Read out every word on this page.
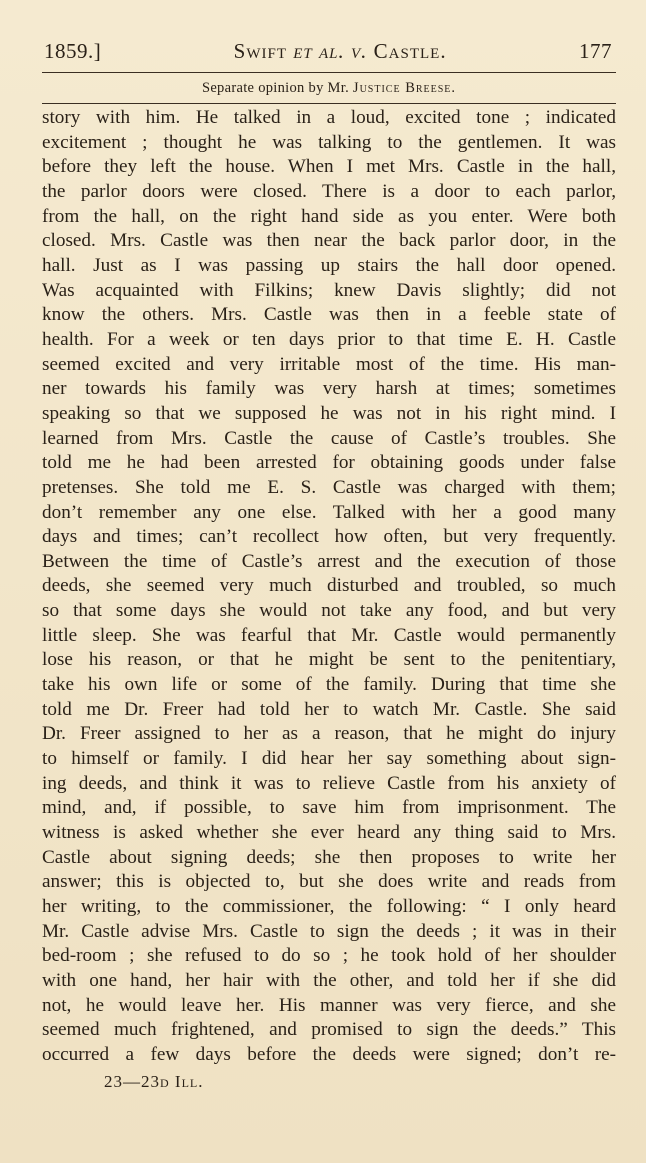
1859.]	Swift et al. v. Castle.	177
Separate opinion by Mr. Justice Breese.
story with him. He talked in a loud, excited tone ; indicated
excitement ; thought he was talking to the gentlemen. It was
before they left the house. When I met Mrs. Castle in the hall,
the parlor doors were closed. There is a door to each parlor,
from the hall, on the right hand side as you enter. Were both
closed. Mrs. Castle was then near the back parlor door, in the
hall. Just as I was passing up stairs the hall door opened.
Was acquainted with Filkins; knew Davis slightly; did not
know the others. Mrs. Castle was then in a feeble state of
health. For a week or ten days prior to that time E. H. Castle
seemed excited and very irritable most of the time. His man-
ner towards his family was very harsh at times; sometimes
speaking so that we supposed he was not in his right mind. I
learned from Mrs. Castle the cause of Castle’s troubles. She
told me he had been arrested for obtaining goods under false
pretenses. She told me E. S. Castle was charged with them;
don’t remember any one else. Talked with her a good many
days and times; can’t recollect how often, but very frequently.
Between the time of Castle’s arrest and the execution of those
deeds, she seemed very much disturbed and troubled, so much
so that some days she would not take any food, and but very
little sleep. She was fearful that Mr. Castle would permanently
lose his reason, or that he might be sent to the penitentiary,
take his own life or some of the family. During that time she
told me Dr. Freer had told her to watch Mr. Castle. She said
Dr. Freer assigned to her as a reason, that he might do injury
to himself or family. I did hear her say something about sign-
ing deeds, and think it was to relieve Castle from his anxiety of
mind, and, if possible, to save him from imprisonment. The
witness is asked whether she ever heard any thing said to Mrs.
Castle about signing deeds; she then proposes to write her
answer; this is objected to, but she does write and reads from
her writing, to the commissioner, the following: “ I only heard
Mr. Castle advise Mrs. Castle to sign the deeds ; it was in their
bed-room ; she refused to do so ; he took hold of her shoulder
with one hand, her hair with the other, and told her if she did
not, he would leave her. His manner was very fierce, and she
seemed much frightened, and promised to sign the deeds.” This
occurred a few days before the deeds were signed; don’t re-
23—23d Ill.
